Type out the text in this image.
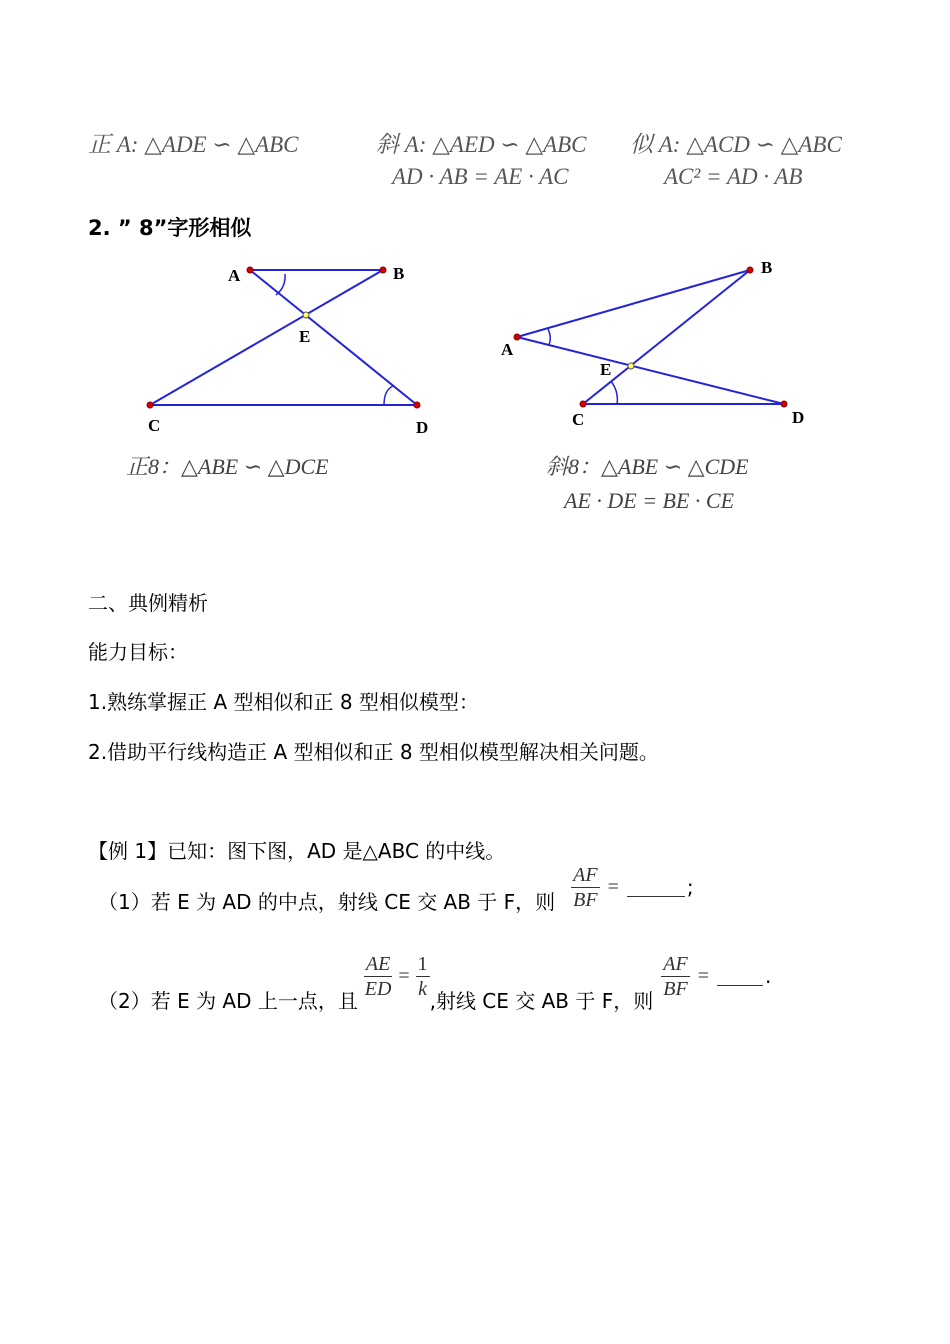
正 A: △ADE ∽ △ABC	斜 A: △AED ∽ △ABC
AD · AB = AE · AC
似 A: △ACD ∽ △ABC
AC² = AD · AB
2. ” 8”字形相似
A	B
C	D
E
正8：△ABE ∽ △DCE
A
B
C	D
E
斜8：△ABE ∽ △CDE
AE · DE = BE · CE
二、典例精析
能力目标：
1.熟练掌握正 A 型相似和正 8 型相似模型：
2.借助平行线构造正 A 型相似和正 8 型相似模型解决相关问题。
【例 1】已知：图下图，AD 是△ABC 的中线。
（1）若 E 为 AD 的中点，射线 CE 交 AB 于 F，则 $\frac{AF}{BF}$ =	;
（2）若 E 为 AD 上一点，且 $\frac{AE}{ED} = \frac{1}{k}$ ,射线 CE 交 AB 于 F，则 $\frac{AF}{BF}$ =	.
